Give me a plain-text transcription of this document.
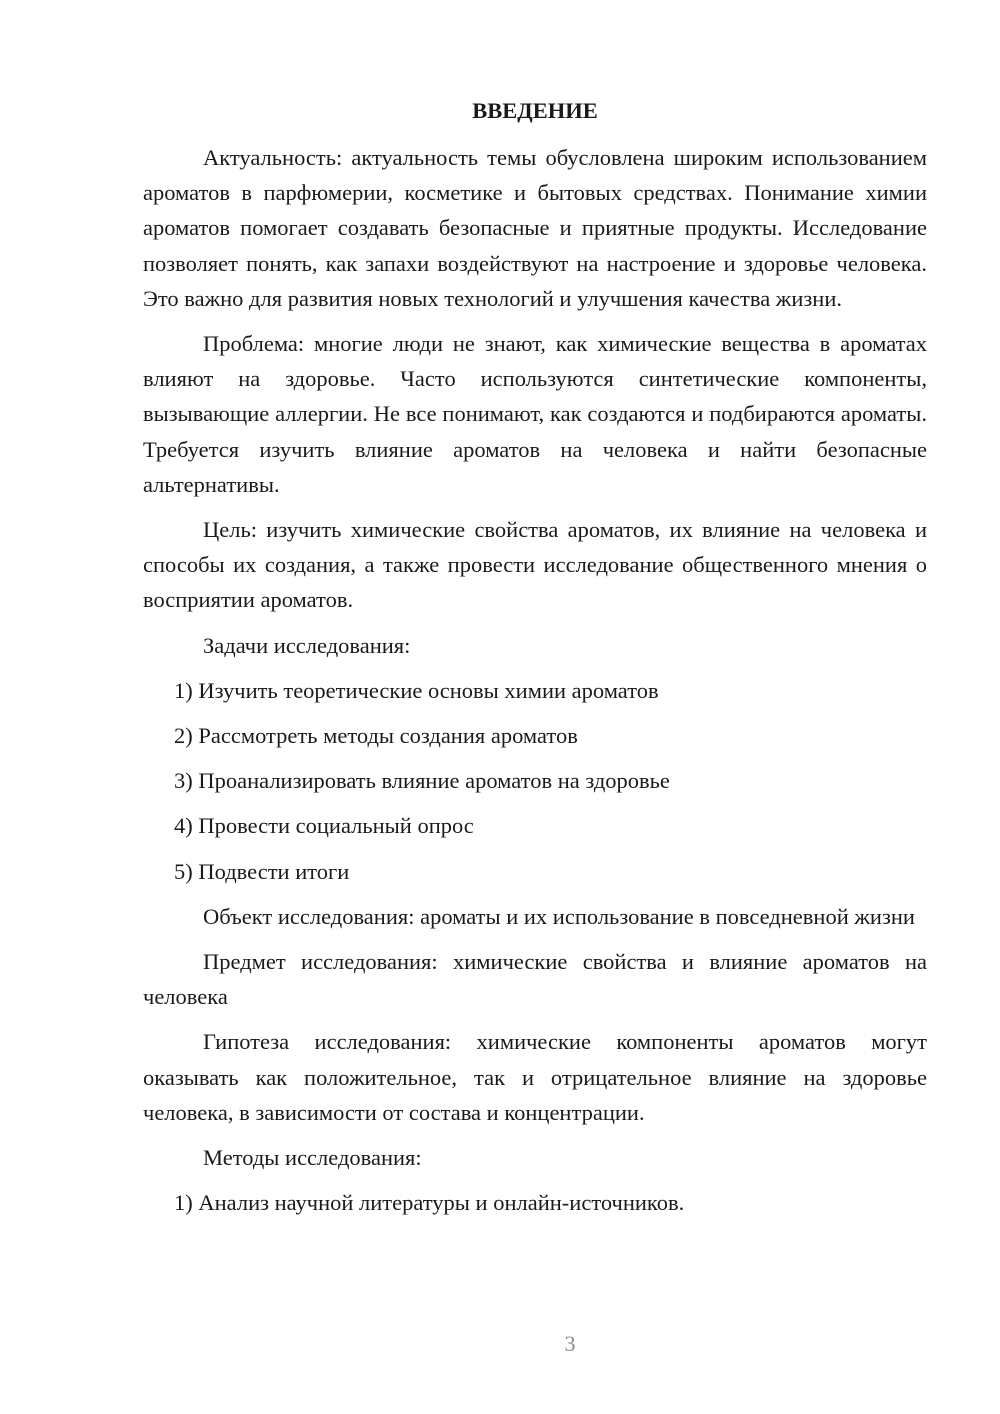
ВВЕДЕНИЕ

Актуальность: актуальность темы обусловлена широким использованием ароматов в парфюмерии, косметике и бытовых средствах. Понимание химии ароматов помогает создавать безопасные и приятные продукты. Исследование позволяет понять, как запахи воздействуют на настроение и здоровье человека. Это важно для развития новых технологий и улучшения качества жизни.

Проблема: многие люди не знают, как химические вещества в ароматах влияют на здоровье. Часто используются синтетические компоненты, вызывающие аллергии. Не все понимают, как создаются и подбираются ароматы. Требуется изучить влияние ароматов на человека и найти безопасные альтернативы.

Цель: изучить химические свойства ароматов, их влияние на человека и способы их создания, а также провести исследование общественного мнения о восприятии ароматов.

Задачи исследования:

1) Изучить теоретические основы химии ароматов
2) Рассмотреть методы создания ароматов
3) Проанализировать влияние ароматов на здоровье
4) Провести социальный опрос
5) Подвести итоги

Объект исследования: ароматы и их использование в повседневной жизни

Предмет исследования: химические свойства и влияние ароматов на человека

Гипотеза исследования: химические компоненты ароматов могут оказывать как положительное, так и отрицательное влияние на здоровье человека, в зависимости от состава и концентрации.

Методы исследования:

1) Анализ научной литературы и онлайн-источников.
3
